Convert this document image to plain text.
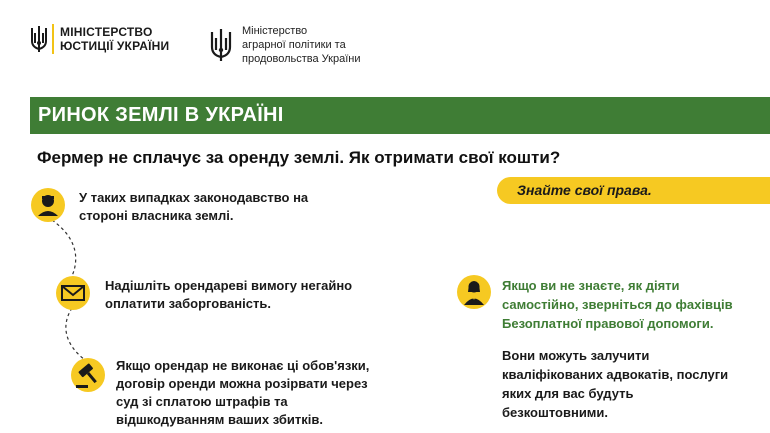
МІНІСТЕРСТВО
ЮСТИЦІЇ УКРАЇНИ
Міністерство
аграрної політики та
продовольства України
РИНОК ЗЕМЛІ В УКРАЇНІ
Фермер не сплачує за оренду землі. Як отримати свої кошти?
Знайте свої права.
У таких випадках законодавство на
стороні власника землі.
Надішліть орендареві вимогу негайно
оплатити заборгованість.
Якщо орендар не виконає ці обов'язки,
договір оренди можна розірвати через
суд зі сплатою штрафів та
відшкодуванням ваших збитків.
Якщо ви не знаєте, як діяти
самостійно, зверніться до фахівців
Безоплатної правової допомоги.
Вони можуть залучити
кваліфікованих адвокатів, послуги
яких для вас будуть
безкоштовними.
